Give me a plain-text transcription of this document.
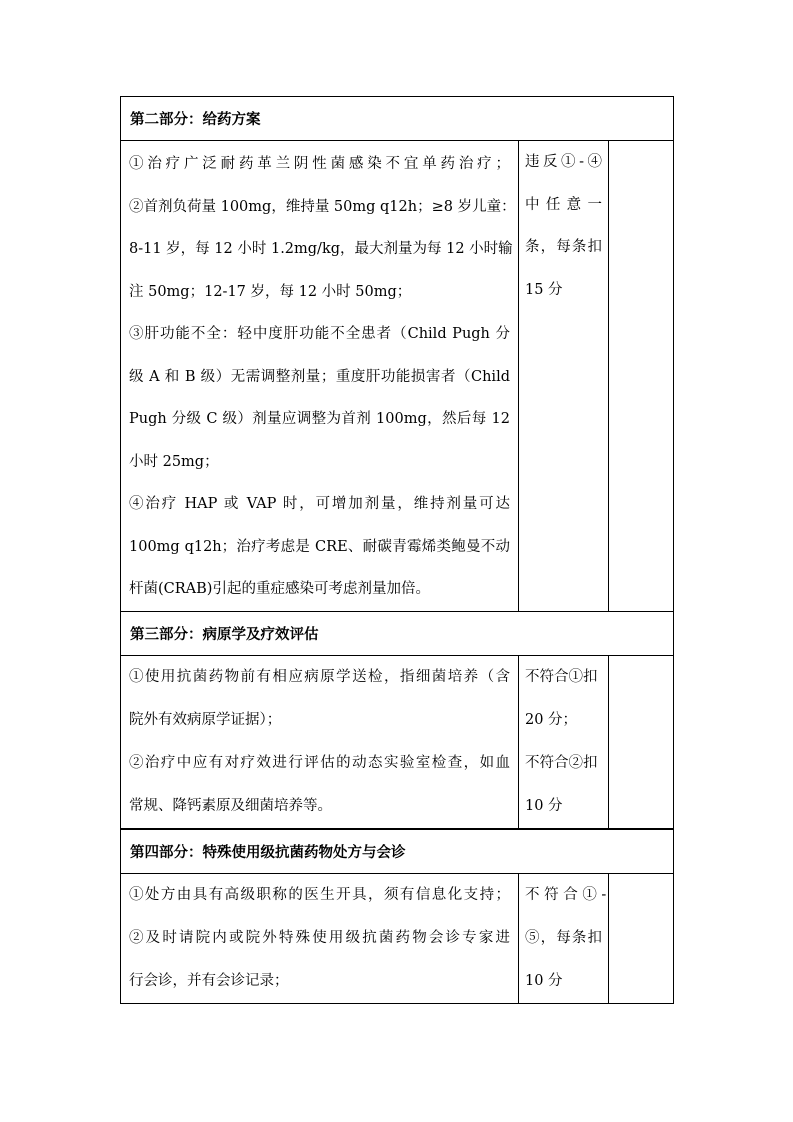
第二部分：给药方案
①治疗广泛耐药革兰阴性菌感染不宜单药治疗；
②首剂负荷量 100mg，维持量 50mg q12h；≥8 岁儿童：
8-11 岁，每 12 小时 1.2mg/kg，最大剂量为每 12 小时输
注 50mg；12-17 岁，每 12 小时 50mg；
③肝功能不全：轻中度肝功能不全患者（Child Pugh 分
级 A 和 B 级）无需调整剂量；重度肝功能损害者（Child
Pugh 分级 C 级）剂量应调整为首剂 100mg，然后每 12
小时 25mg；
④治疗 HAP 或 VAP 时，可增加剂量，维持剂量可达
100mg q12h；治疗考虑是 CRE、耐碳青霉烯类鲍曼不动
杆菌(CRAB)引起的重症感染可考虑剂量加倍。
违反①-④
中 任 意 一
条，每条扣
15 分
第三部分：病原学及疗效评估
①使用抗菌药物前有相应病原学送检，指细菌培养（含
院外有效病原学证据）；
②治疗中应有对疗效进行评估的动态实验室检查，如血
常规、降钙素原及细菌培养等。
不符合①扣
20 分；
不符合②扣
10 分
第四部分：特殊使用级抗菌药物处方与会诊
①处方由具有高级职称的医生开具，须有信息化支持；
②及时请院内或院外特殊使用级抗菌药物会诊专家进
行会诊，并有会诊记录；
不 符 合 ① -
⑤，每条扣
10 分
